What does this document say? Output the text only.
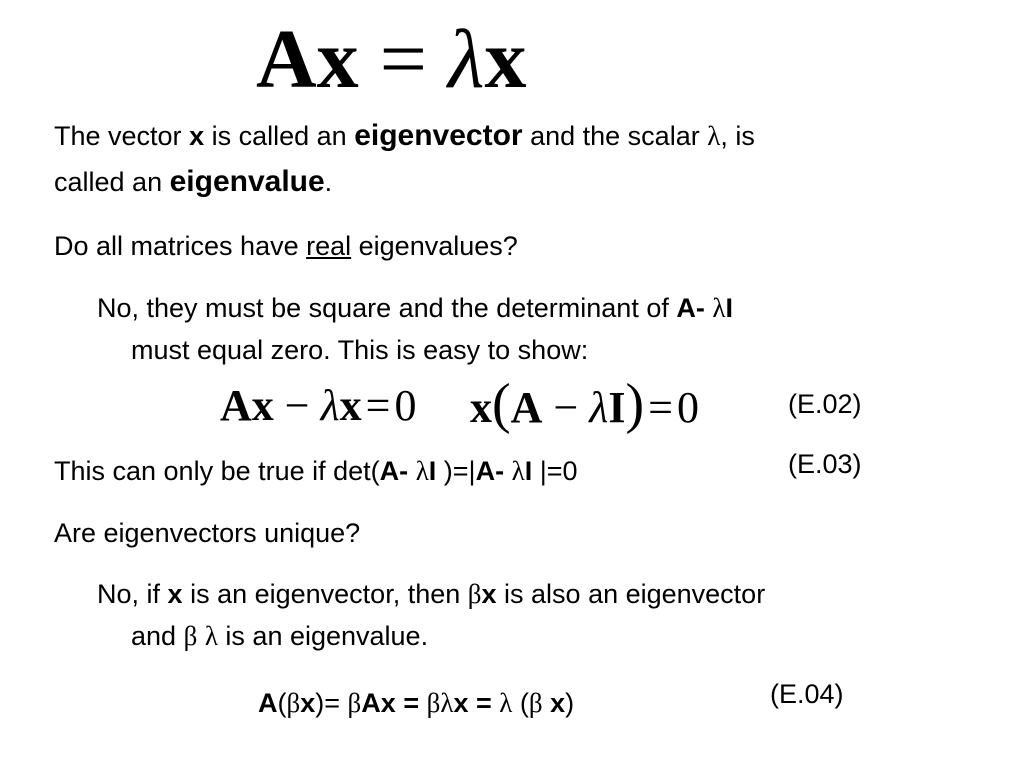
Ax = λx
The vector x is called an eigenvector and the scalar λ, is
called an eigenvalue.
Do all matrices have real eigenvalues?
No, they must be square and the determinant of A- λI
must equal zero. This is easy to show:
Ax − λx=0 x(A − λI)=0	(E.02)
(E.03)
This can only be true if det(A- λI )=|A- λI |=0
Are eigenvectors unique?
No, if x is an eigenvector, then βx is also an eigenvector
and β λ is an eigenvalue.
A(βx)= βAx = βλx = λ (β x)	(E.04)
